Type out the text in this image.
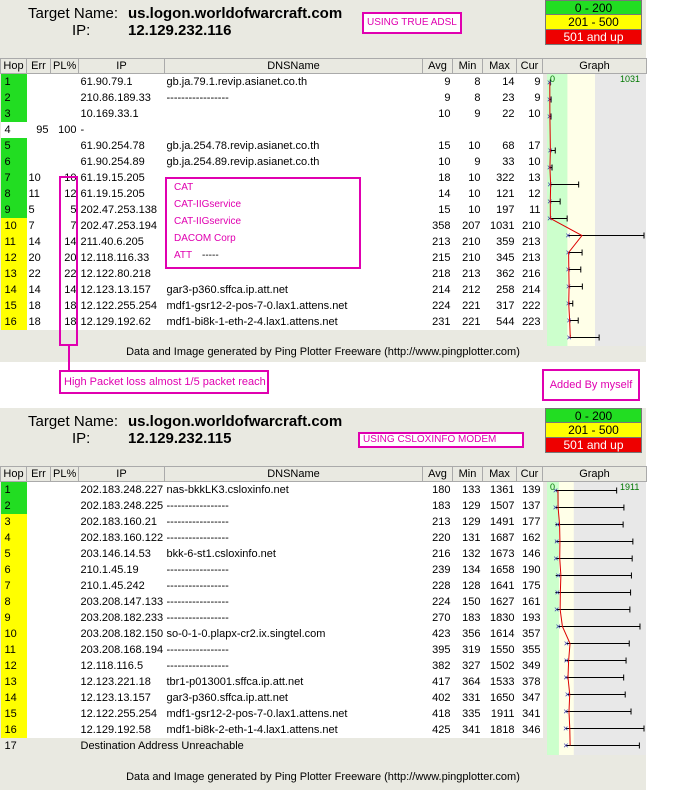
Target Name: us.logon.worldofwarcraft.com
IP:	12.129.232.116	USING TRUE ADSL
0 - 200
201 - 500
501 and up
Hop	Err	PL%	IP	DNSName	Avg	Min	Max	Cur	Graph
1			61.90.79.1	gb.ja.79.1.revip.asianet.co.th	9	8	14	9	
2			210.86.189.33	-----------------	9	8	23	9	
3			10.169.33.1		10	9	22	10	
4	95	100	-						
5			61.90.254.78	gb.ja.254.78.revip.asianet.co.th	15	10	68	17	
6			61.90.254.89	gb.ja.254.89.revip.asianet.co.th	10	9	33	10	
7	10	10	61.19.15.205		18	10	322	13	
8	11	12	61.19.15.205		14	10	121	12	
9	5	5	202.47.253.138		15	10	197	11	
10	7	7	202.47.253.194		358	207	1031	210	
11	14	14	211.40.6.205		213	210	359	213	
12	20	20	12.118.116.33		215	210	345	213	
13	22	22	12.122.80.218		218	213	362	216	
14	14	14	12.123.13.157	gar3-p360.sffca.ip.att.net	214	212	258	214	
15	18	18	12.122.255.254	mdf1-gsr12-2-pos-7-0.lax1.attens.net	224	221	317	222	
16	18	18	12.129.192.62	mdf1-bi8k-1-eth-2-4.lax1.attens.net	231	221	544	223	
×
×
×
×
×
×
×
×
×
×
×
×
×
×
×
0	1031
Data and Image generated by Ping Plotter Freeware (http://www.pingplotter.com)
CAT
CAT-IIGservice
CAT-IIGservice
DACOM Corp
ATT -----
High Packet loss almost 1/5 packet reach	Added By myself
Target Name: us.logon.worldofwarcraft.com
IP:	12.129.232.115	USING CSLOXINFO MODEM
0 - 200
201 - 500
501 and up
Hop	Err	PL%	IP	DNSName	Avg	Min	Max	Cur	Graph
1			202.183.248.227	nas-bkkLK3.csloxinfo.net	180	133	1361	139	
2			202.183.248.225	-----------------	183	129	1507	137	
3			202.183.160.21	-----------------	213	129	1491	177	
4			202.183.160.122	-----------------	220	131	1687	162	
5			203.146.14.53	bkk-6-st1.csloxinfo.net	216	132	1673	146	
6			210.1.45.19	-----------------	239	134	1658	190	
7			210.1.45.242	-----------------	228	128	1641	175	
8			203.208.147.133	-----------------	224	150	1627	161	
9			203.208.182.233	-----------------	270	183	1830	193	
10			203.208.182.150	so-0-1-0.plapx-cr2.ix.singtel.com	423	356	1614	357	
11			203.208.168.194	-----------------	395	319	1550	355	
12			12.118.116.5	-----------------	382	327	1502	349	
13			12.123.221.18	tbr1-p013001.sffca.ip.att.net	417	364	1533	378	
14			12.123.13.157	gar3-p360.sffca.ip.att.net	402	331	1650	347	
15			12.122.255.254	mdf1-gsr12-2-pos-7-0.lax1.attens.net	418	335	1911	341	
16			12.129.192.58	mdf1-bi8k-2-eth-1-4.lax1.attens.net	425	341	1818	346	
17			Destination Address Unreachable						
×
×
×
×
×
×
×
×
×
×
×
×
×
×
×
×
0	1911
Data and Image generated by Ping Plotter Freeware (http://www.pingplotter.com)
